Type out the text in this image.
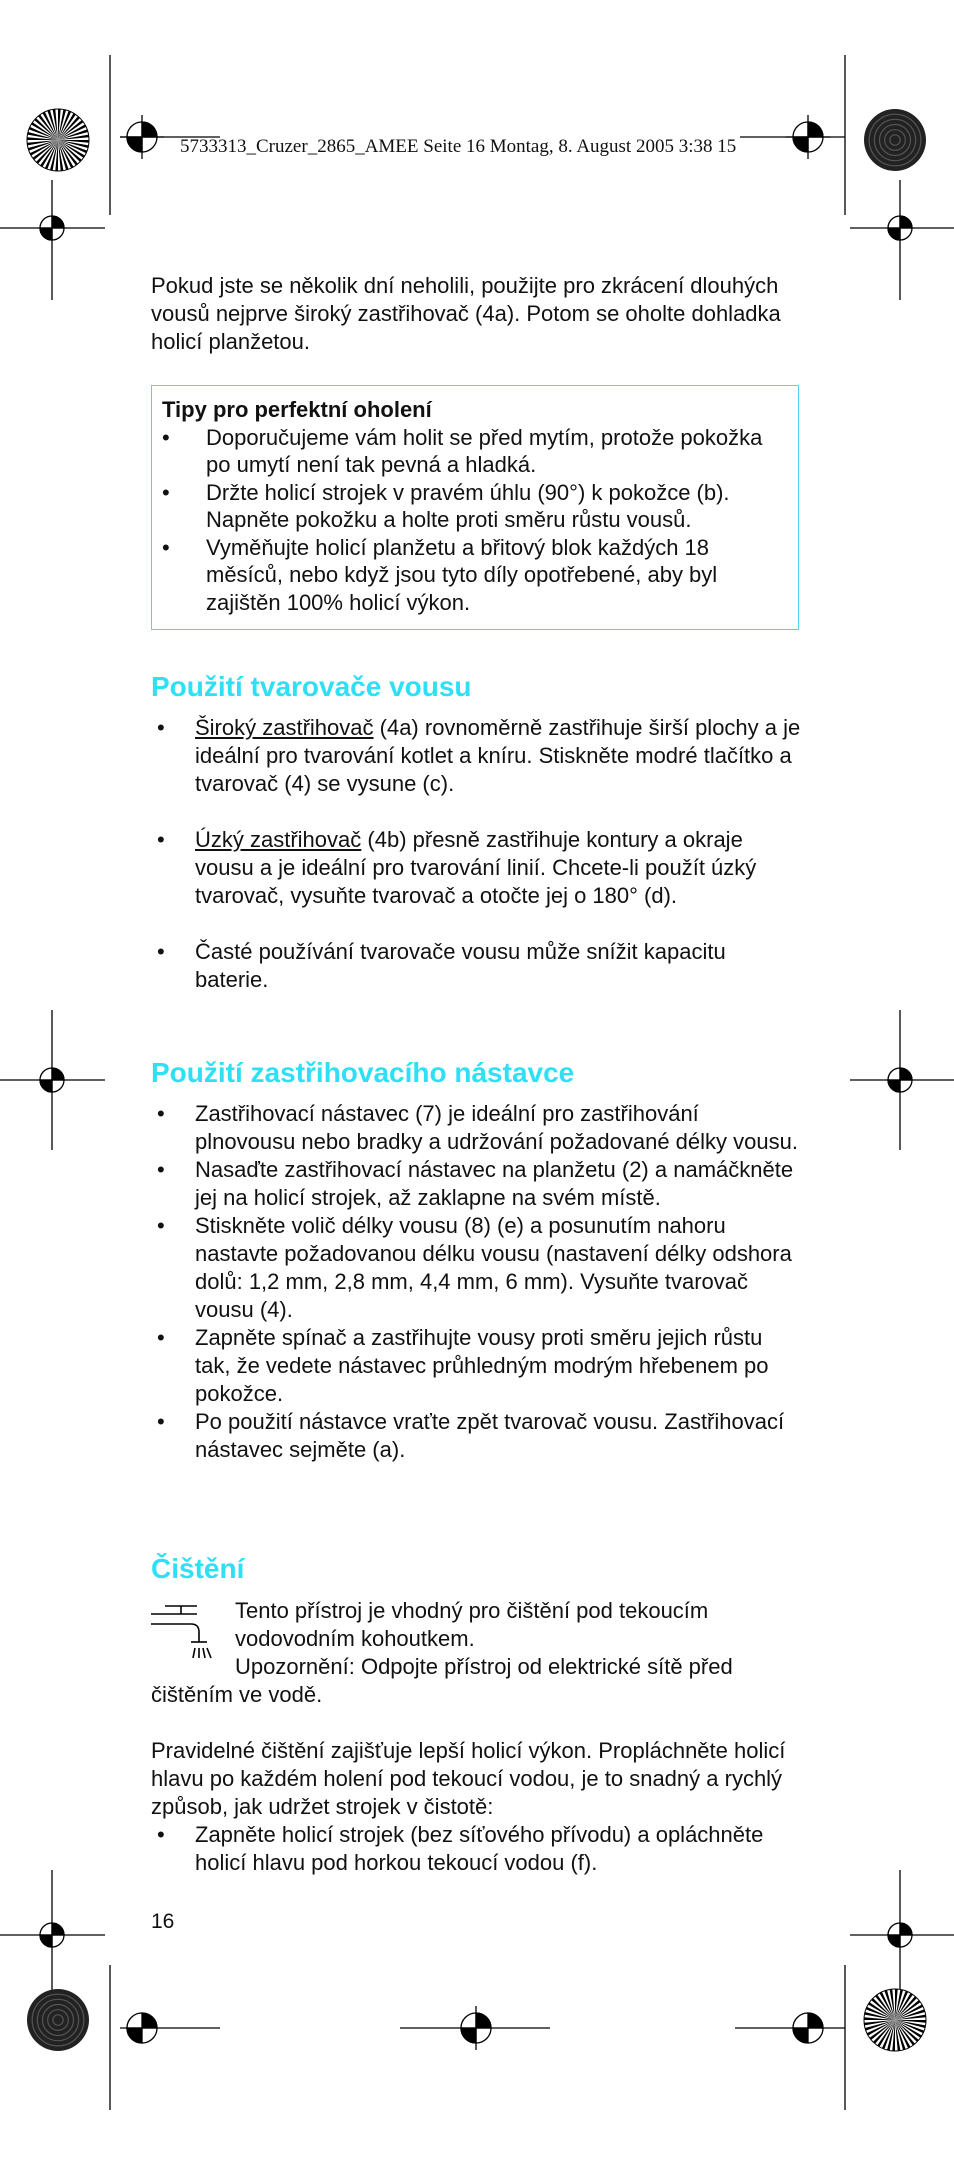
5733313_Cruzer_2865_AMEE Seite 16 Montag, 8. August 2005 3:38 15

Pokud jste se několik dní neholili, použijte pro zkrácení dlouhých vousů nejprve široký zastřihovač (4a). Potom se oholte dohladka holicí planžetou.

Tipy pro perfektní oholení
• Doporučujeme vám holit se před mytím, protože pokožka po umytí není tak pevná a hladká.
• Držte holicí strojek v pravém úhlu (90°) k pokožce (b). Napněte pokožku a holte proti směru růstu vousů.
• Vyměňujte holicí planžetu a břitový blok každých 18 měsíců, nebo když jsou tyto díly opotřebené, aby byl zajištěn 100% holicí výkon.
Použití tvarovače vousu
• Široký zastřihovač (4a) rovnoměrně zastřihuje širší plochy a je ideální pro tvarování kotlet a kníru. Stiskněte modré tlačítko a tvarovač (4) se vysune (c).
• Úzký zastřihovač (4b) přesně zastřihuje kontury a okraje vousu a je ideální pro tvarování linií. Chcete-li použít úzký tvarovač, vysuňte tvarovač a otočte jej o 180° (d).
• Časté používání tvarovače vousu může snížit kapacitu baterie.
Použití zastřihovacího nástavce
• Zastřihovací nástavec (7) je ideální pro zastřihování plnovousu nebo bradky a udržování požadované délky vousu.
• Nasaďte zastřihovací nástavec na planžetu (2) a namáčkněte jej na holicí strojek, až zaklapne na svém místě.
• Stiskněte volič délky vousu (8) (e) a posunutím nahoru nastavte požadovanou délku vousu (nastavení délky odshora dolů: 1,2 mm, 2,8 mm, 4,4 mm, 6 mm). Vysuňte tvarovač vousu (4).
• Zapněte spínač a zastřihujte vousy proti směru jejich růstu tak, že vedete nástavec průhledným modrým hřebenem po pokožce.
• Po použití nástavce vraťte zpět tvarovač vousu. Zastřihovací nástavec sejměte (a).
Čištění
Tento přístroj je vhodný pro čištění pod tekoucím
vodovodním kohoutkem.
Upozornění: Odpojte přístroj od elektrické sítě před
čištěním ve vodě.

Pravidelné čištění zajišťuje lepší holicí výkon. Propláchněte holicí hlavu po každém holení pod tekoucí vodou, je to snadný a rychlý způsob, jak udržet strojek v čistotě:

• Zapněte holicí strojek (bez síťového přívodu) a opláchněte holicí hlavu pod horkou tekoucí vodou (f).
16
